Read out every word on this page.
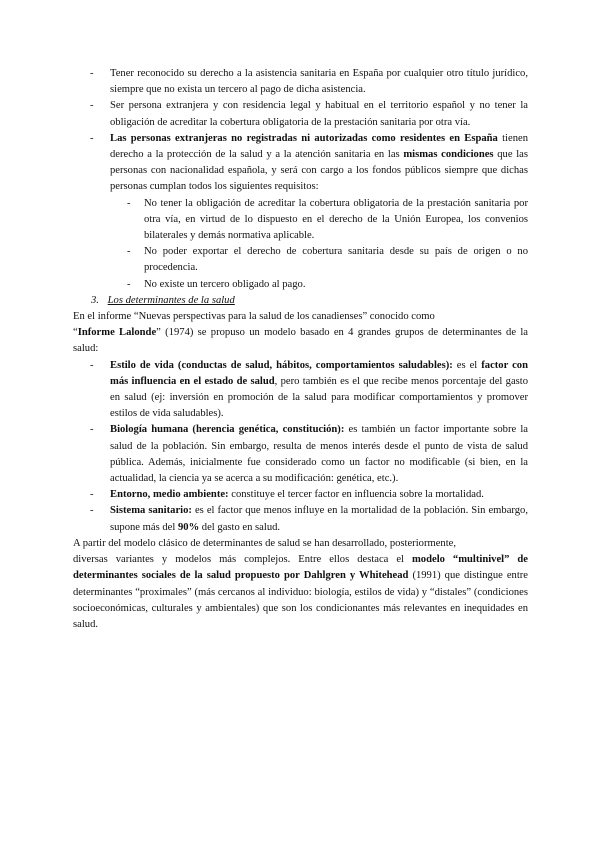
- Tener reconocido su derecho a la asistencia sanitaria en España por cualquier otro título jurídico, siempre que no exista un tercero al pago de dicha asistencia.
- Ser persona extranjera y con residencia legal y habitual en el territorio español y no tener la obligación de acreditar la cobertura obligatoria de la prestación sanitaria por otra vía.
- Las personas extranjeras no registradas ni autorizadas como residentes en España tienen derecho a la protección de la salud y a la atención sanitaria en las mismas condiciones que las personas con nacionalidad española, y será con cargo a los fondos públicos siempre que dichas personas cumplan todos los siguientes requisitos:
- No tener la obligación de acreditar la cobertura obligatoria de la prestación sanitaria por otra vía, en virtud de lo dispuesto en el derecho de la Unión Europea, los convenios bilaterales y demás normativa aplicable.
- No poder exportar el derecho de cobertura sanitaria desde su país de origen o no procedencia.
- No existe un tercero obligado al pago.
3. Los determinantes de la salud
En el informe “Nuevas perspectivas para la salud de los canadienses” conocido como
“Informe Lalonde” (1974) se propuso un modelo basado en 4 grandes grupos de determinantes de la salud:
- Estilo de vida (conductas de salud, hábitos, comportamientos saludables): es el factor con más influencia en el estado de salud, pero también es el que recibe menos porcentaje del gasto en salud (ej: inversión en promoción de la salud para modificar comportamientos y promover estilos de vida saludables).
- Biología humana (herencia genética, constitución): es también un factor importante sobre la salud de la población. Sin embargo, resulta de menos interés desde el punto de vista de salud pública. Además, inicialmente fue considerado como un factor no modificable (si bien, en la actualidad, la ciencia ya se acerca a su modificación: genética, etc.).
- Entorno, medio ambiente: constituye el tercer factor en influencia sobre la mortalidad.
- Sistema sanitario: es el factor que menos influye en la mortalidad de la población. Sin embargo, supone más del 90% del gasto en salud.
A partir del modelo clásico de determinantes de salud se han desarrollado, posteriormente,
diversas variantes y modelos más complejos. Entre ellos destaca el modelo “multinivel” de determinantes sociales de la salud propuesto por Dahlgren y Whitehead (1991) que distingue entre determinantes “proximales” (más cercanos al individuo: biología, estilos de vida) y “distales” (condiciones socioeconómicas, culturales y ambientales) que son los condicionantes más relevantes en inequidades en salud.
